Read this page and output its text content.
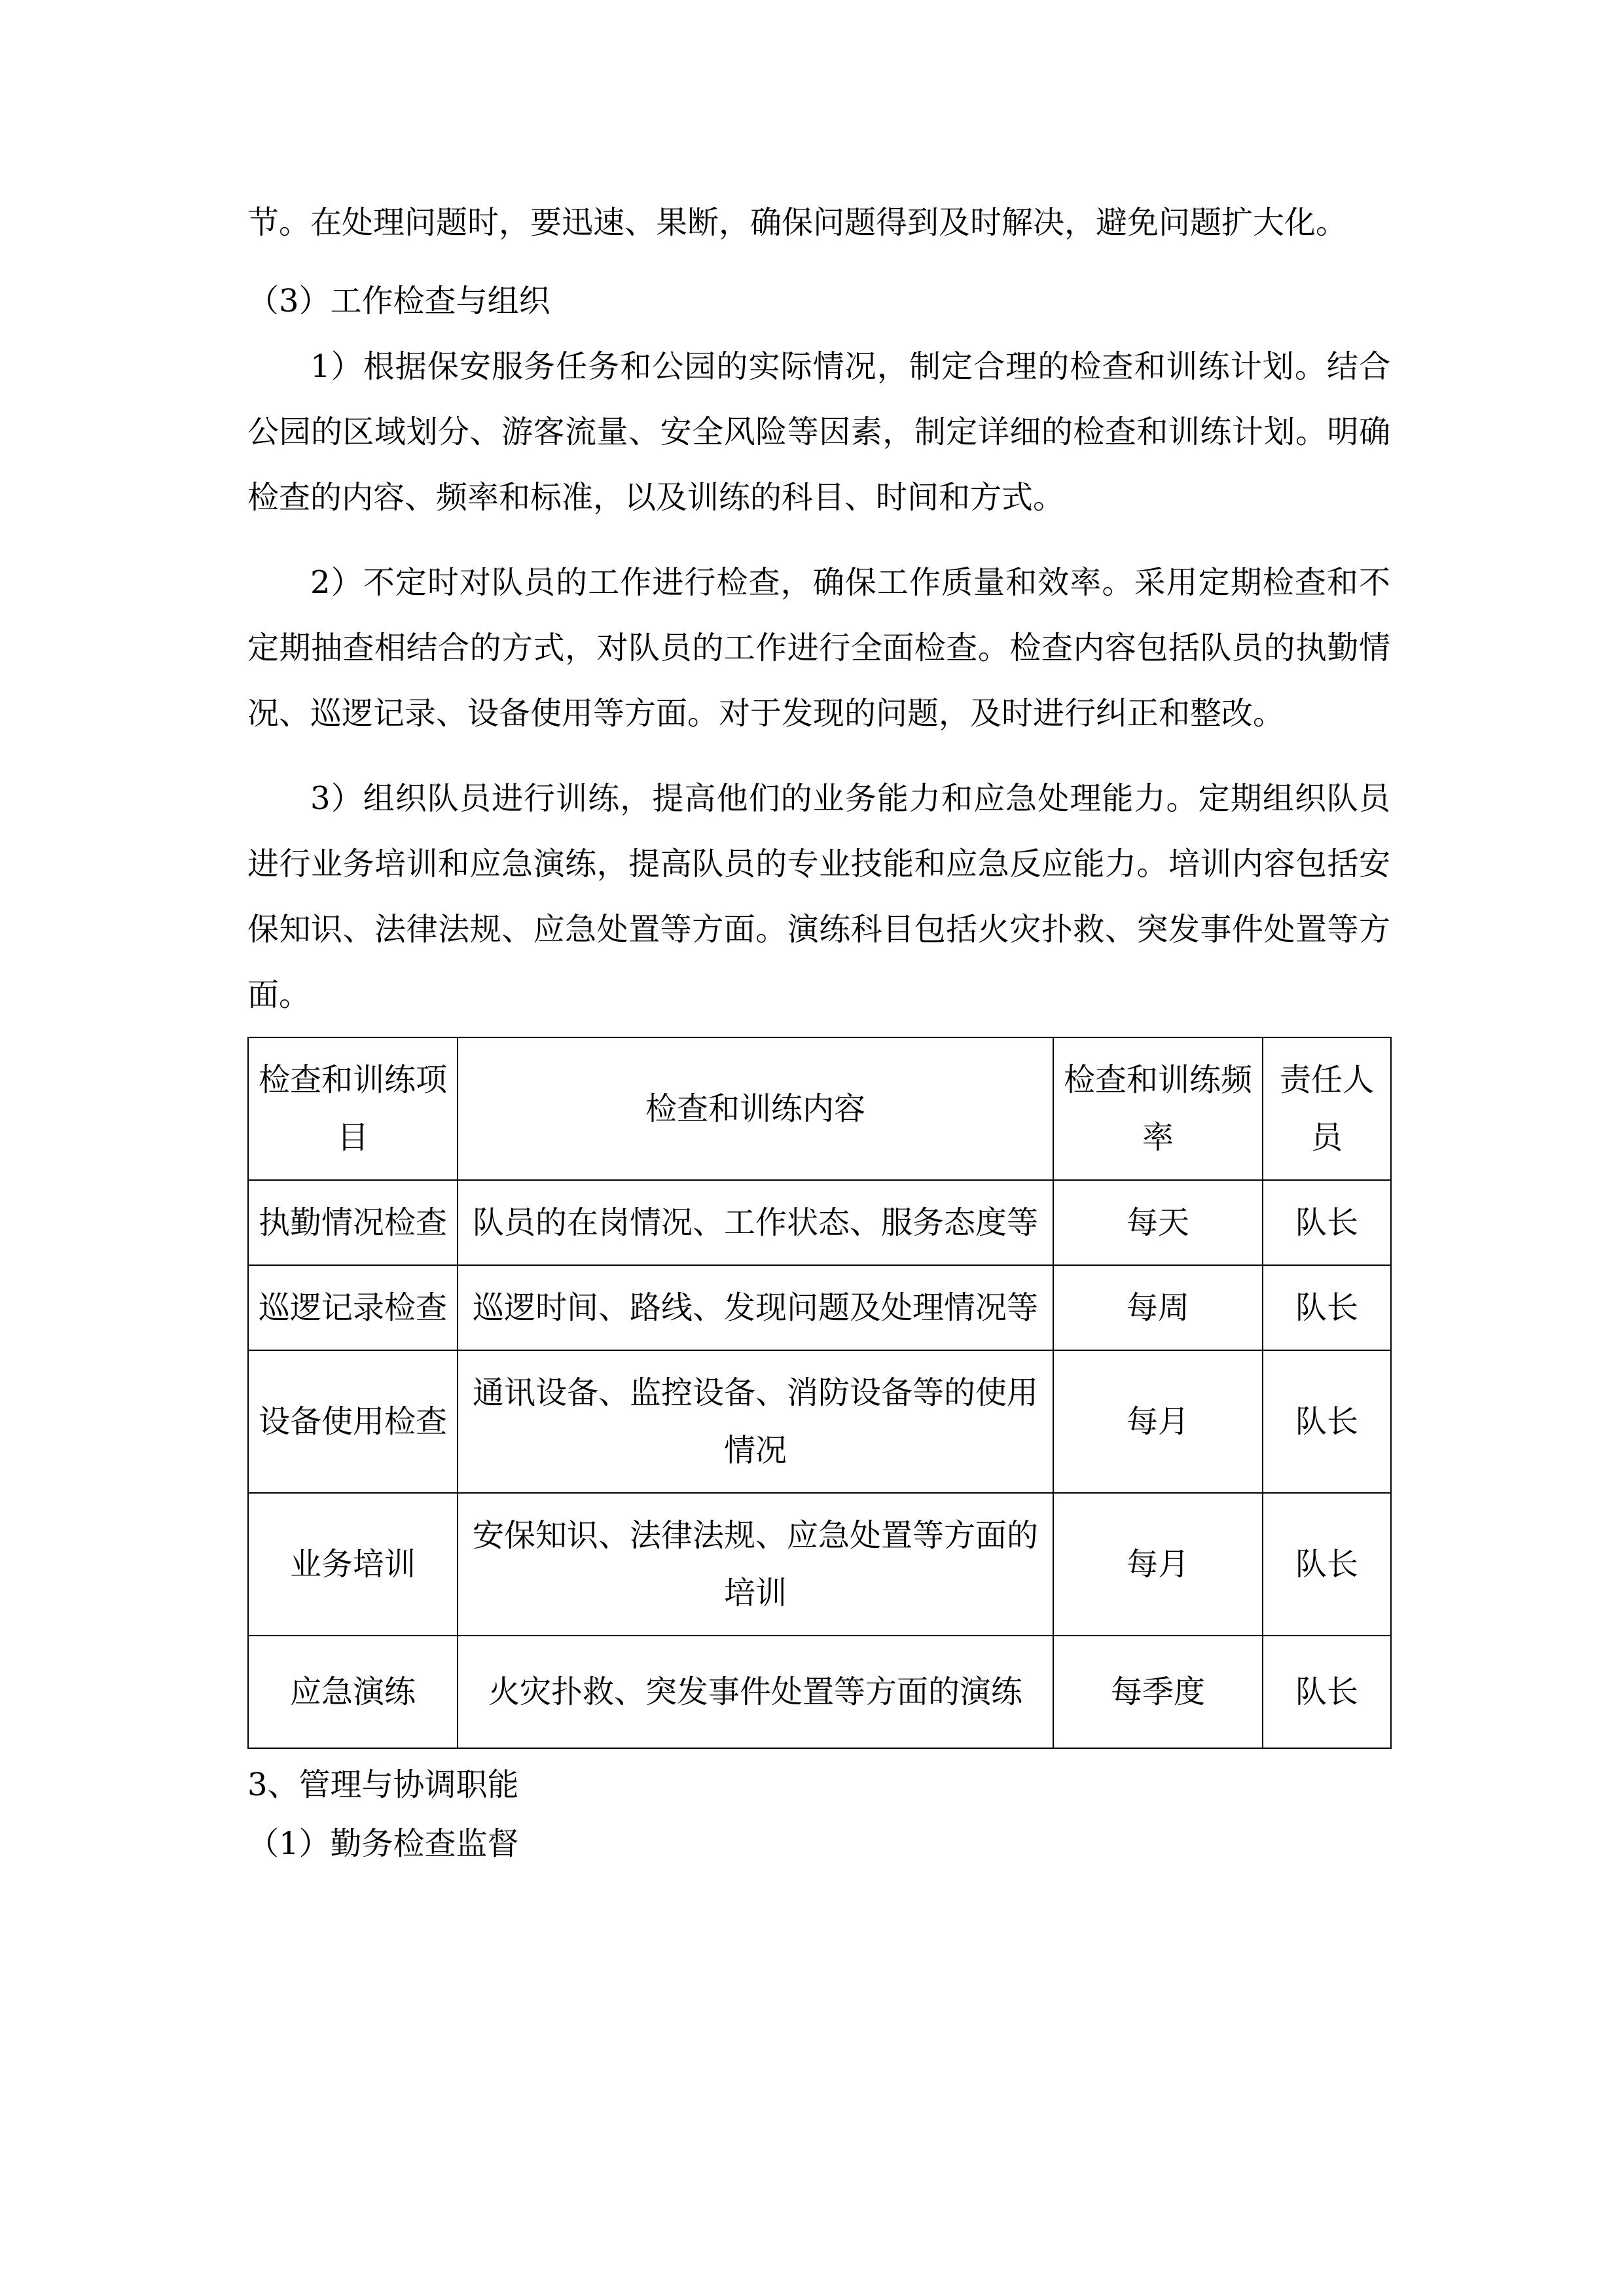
节。在处理问题时，要迅速、果断，确保问题得到及时解决，避免问题扩大化。

（3）工作检查与组织

1）根据保安服务任务和公园的实际情况，制定合理的检查和训练计划。结合公园的区域划分、游客流量、安全风险等因素，制定详细的检查和训练计划。明确检查的内容、频率和标准，以及训练的科目、时间和方式。

2）不定时对队员的工作进行检查，确保工作质量和效率。采用定期检查和不定期抽查相结合的方式，对队员的工作进行全面检查。检查内容包括队员的执勤情况、巡逻记录、设备使用等方面。对于发现的问题，及时进行纠正和整改。

3）组织队员进行训练，提高他们的业务能力和应急处理能力。定期组织队员进行业务培训和应急演练，提高队员的专业技能和应急反应能力。培训内容包括安保知识、法律法规、应急处置等方面。演练科目包括火灾扑救、突发事件处置等方面。

检查和训练项目	检查和训练内容	检查和训练频率	责任人员
执勤情况检查	队员的在岗情况、工作状态、服务态度等	每天	队长
巡逻记录检查	巡逻时间、路线、发现问题及处理情况等	每周	队长
设备使用检查	通讯设备、监控设备、消防设备等的使用情况	每月	队长
业务培训	安保知识、法律法规、应急处置等方面的培训	每月	队长
应急演练	火灾扑救、突发事件处置等方面的演练	每季度	队长

3、管理与协调职能

（1）勤务检查监督
